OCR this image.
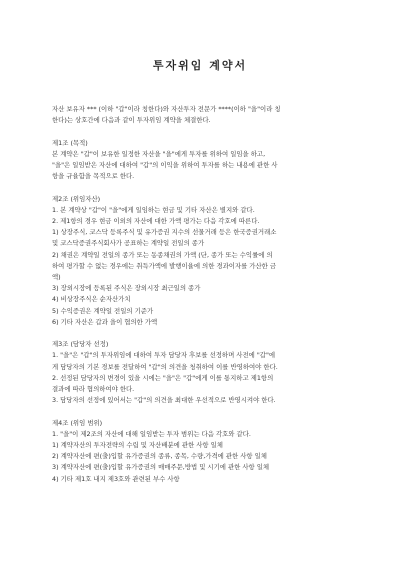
투자위임 계약서

자산 보유자 *** (이하 "갑"이라 칭한다)와 자산투자 전문가 ****(이하 "을"이라 칭

한다)는 상호간에 다음과 같이 투자위임 계약을 체결한다.

제1조 (목적)

본 계약은 "갑"이 보유한 일정한 자산을 "을"에게 투자를 위하여 일임을 하고,

"을"은 일임받은 자산에 대하여 "갑"의 이익을 위하여 투자를 하는 내용에 관한 사

항을 규율함을 목적으로 한다.

제2조 (위임자산)

1. 본 계약상 "갑"이 "을"에게 일임하는 현금 및 기타 자산은 별지와 같다.

2. 제1항의 경우 현금 이외의 자산에 대한 가액 평가는 다음 각호에 따른다.

1) 상장주식, 코스닥 등록주식 및 유가증권 지수의 선물거래 등은 한국증권거래소

및 코스닥증권주식회사가 공표하는 계약일 전일의 종가

2) 채권은 계약일 전일의 종가 또는 동종채권의 가액 (단, 종가 또는 수익률에 의

하여 평가할 수 없는 경우에는 취득가액에 발행이율에 의한 경과이자를 가산한 금

액)

3) 장외시장에 등록된 주식은 장외시장 최근일의 종가

4) 비상장주식은 순자산가치

5) 수익증권은 계약일 전일의 기준가

6) 기타 자산은 갑과 을이 협의한 가액

제3조 (담당자 선정)

1. "을"은 "갑"의 투자위임에 대하여 투자 담당자 후보를 선정하며 사전에 "갑"에

게 담당자의 기본 경보를 전달하여 "갑"의 의견을 청취하여 이를 반영하여야 한다.

2. 선정된 담당자의 변경이 있을 시에는 "을"은 "갑"에게 이를 통지하고 제1항의

결과에 따라 협의하여야 한다.

3. 담당자의 선정에 있어서는 "갑"의 의견을 최대한 우선적으로 반영시켜야 한다.

제4조 (위임 범위)

1. "을"이 제2조의 자산에 대해 일임받는 투자 범위는 다음 각호와 같다.

1) 계약자산의 투자전략의 수립 및 자산배분에 관한 사항 일체

2) 계약자산에 편(출)입할 유가증권의 종류, 종목, 수량,가격에 관한 사항 일체

3) 계약자산에 편(출)입할 유가증권의 매매주문,방법 및 시기에 관한 사항 일체

4) 기타 제1호 내지 제3호와 관련된 부수 사항
